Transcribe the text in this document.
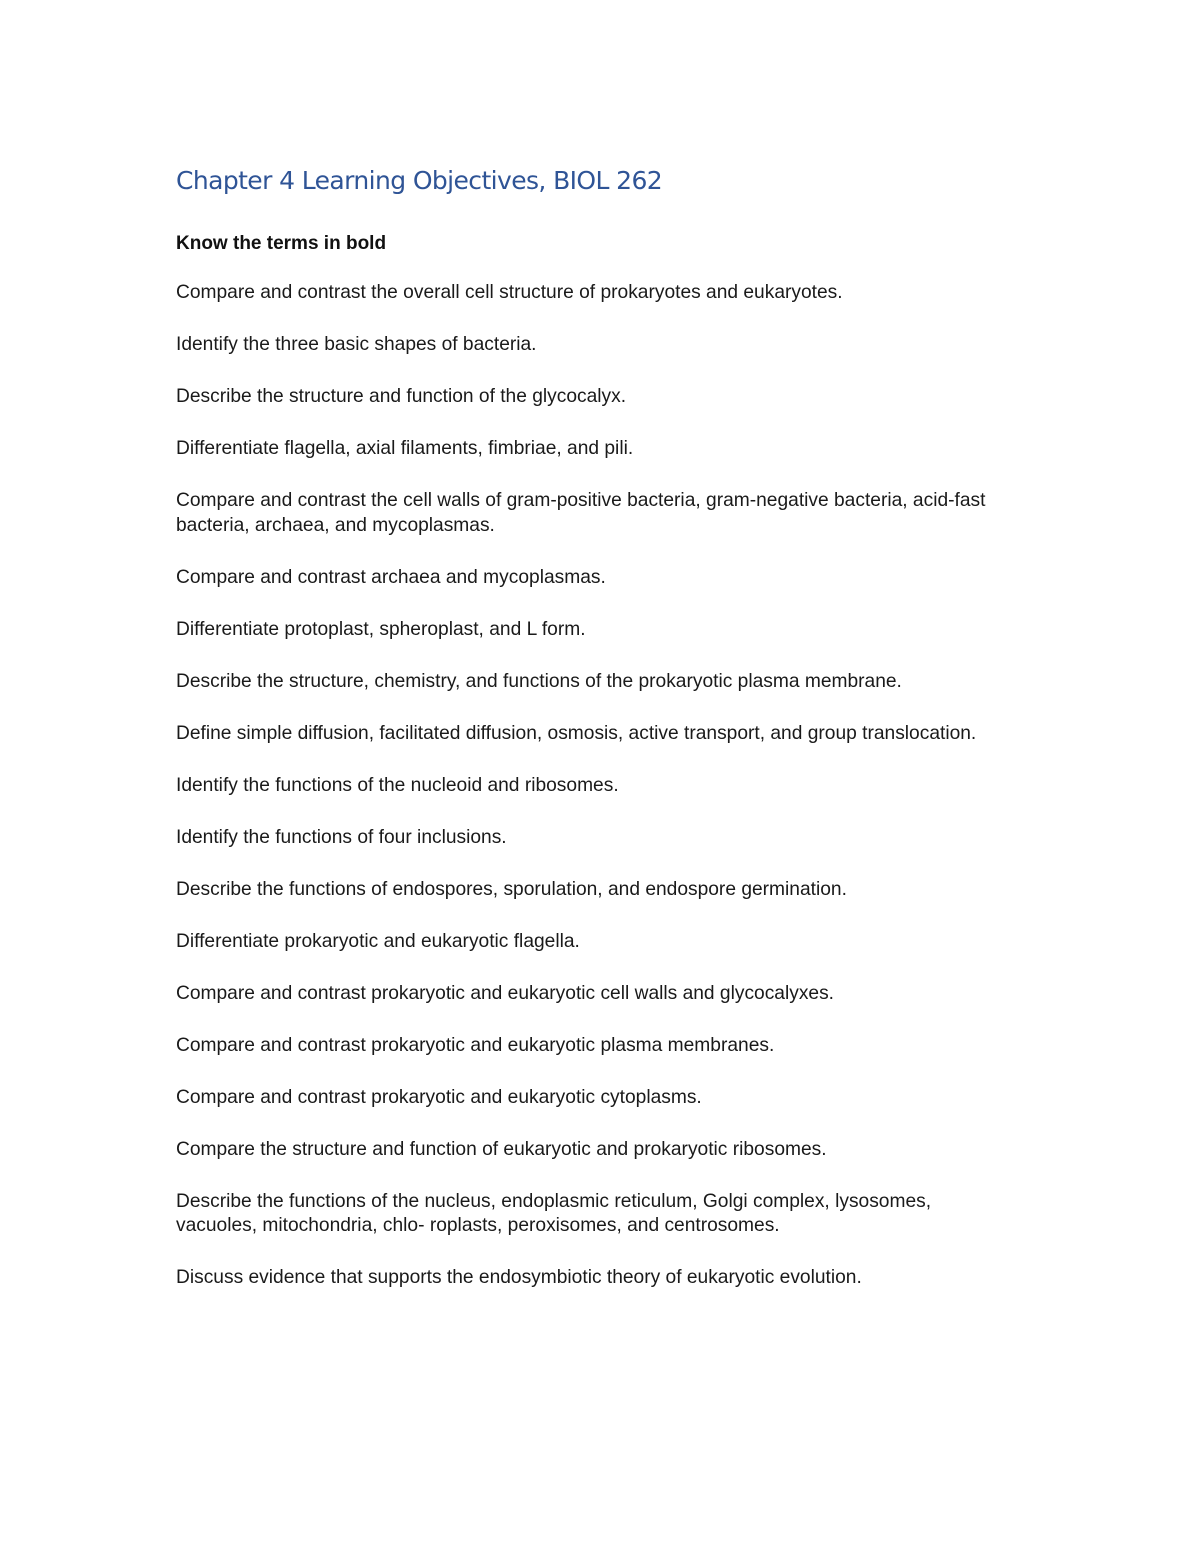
Chapter 4 Learning Objectives, BIOL 262

Know the terms in bold

Compare and contrast the overall cell structure of prokaryotes and eukaryotes.
Identify the three basic shapes of bacteria.
Describe the structure and function of the glycocalyx.
Differentiate flagella, axial filaments, fimbriae, and pili.
Compare and contrast the cell walls of gram-positive bacteria, gram-negative bacteria, acid-fast bacteria, archaea, and mycoplasmas.
Compare and contrast archaea and mycoplasmas.
Differentiate protoplast, spheroplast, and L form.
Describe the structure, chemistry, and functions of the prokaryotic plasma membrane.
Define simple diffusion, facilitated diffusion, osmosis, active transport, and group translocation.
Identify the functions of the nucleoid and ribosomes.
Identify the functions of four inclusions.
Describe the functions of endospores, sporulation, and endospore germination.
Differentiate prokaryotic and eukaryotic flagella.
Compare and contrast prokaryotic and eukaryotic cell walls and glycocalyxes.
Compare and contrast prokaryotic and eukaryotic plasma membranes.
Compare and contrast prokaryotic and eukaryotic cytoplasms.
Compare the structure and function of eukaryotic and prokaryotic ribosomes.
Describe the functions of the nucleus, endoplasmic reticulum, Golgi complex, lysosomes, vacuoles, mitochondria, chlo- roplasts, peroxisomes, and centrosomes.
Discuss evidence that supports the endosymbiotic theory of eukaryotic evolution.
